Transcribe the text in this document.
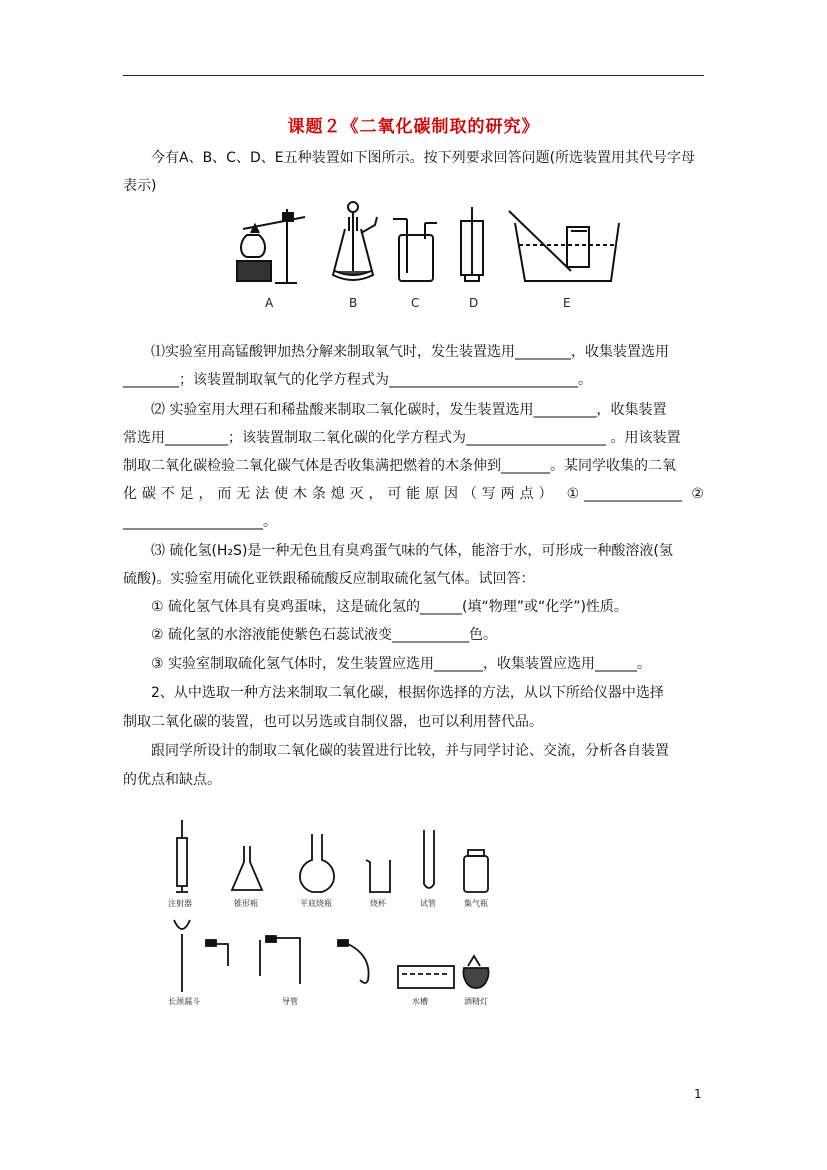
课题２《二氧化碳制取的研究》
今有A、B、C、D、E五种装置如下图所示。按下列要求回答问题(所选装置用其代号字母表示)
A	B	C	D	E
⑴实验室用高锰酸钾加热分解来制取氧气时，发生装置选用________，收集装置选用________；该装置制取氧气的化学方程式为___________________________。
⑵ 实验室用大理石和稀盐酸来制取二氧化碳时，发生装置选用_________，收集装置
常选用_________；该装置制取二氧化碳的化学方程式为____________________ 。用该装置
制取二氧化碳检验二氧化碳气体是否收集满把燃着的木条伸到_______。某同学收集的二氧
化碳不足，而无法使木条熄灭，可能原因（写两点） ①______________ ②
____________________。
⑶ 硫化氢(H₂S)是一种无色且有臭鸡蛋气味的气体，能溶于水，可形成一种酸溶液(氢
硫酸)。实验室用硫化亚铁跟稀硫酸反应制取硫化氢气体。试回答：
① 硫化氢气体具有臭鸡蛋味，这是硫化氢的______(填“物理”或“化学”)性质。
② 硫化氢的水溶液能使紫色石蕊试液变___________色。
③ 实验室制取硫化氢气体时，发生装置应选用_______，收集装置应选用______。
2、从中选取一种方法来制取二氧化碳，根据你选择的方法，从以下所给仪器中选择
制取二氧化碳的装置，也可以另选或自制仪器，也可以利用替代品。
跟同学所设计的制取二氧化碳的装置进行比较，并与同学讨论、交流，分析各自装置
的优点和缺点。
注射器	锥形瓶	平底烧瓶	烧杯	试管	集气瓶
长颈漏斗	导管	水槽	酒精灯
1
